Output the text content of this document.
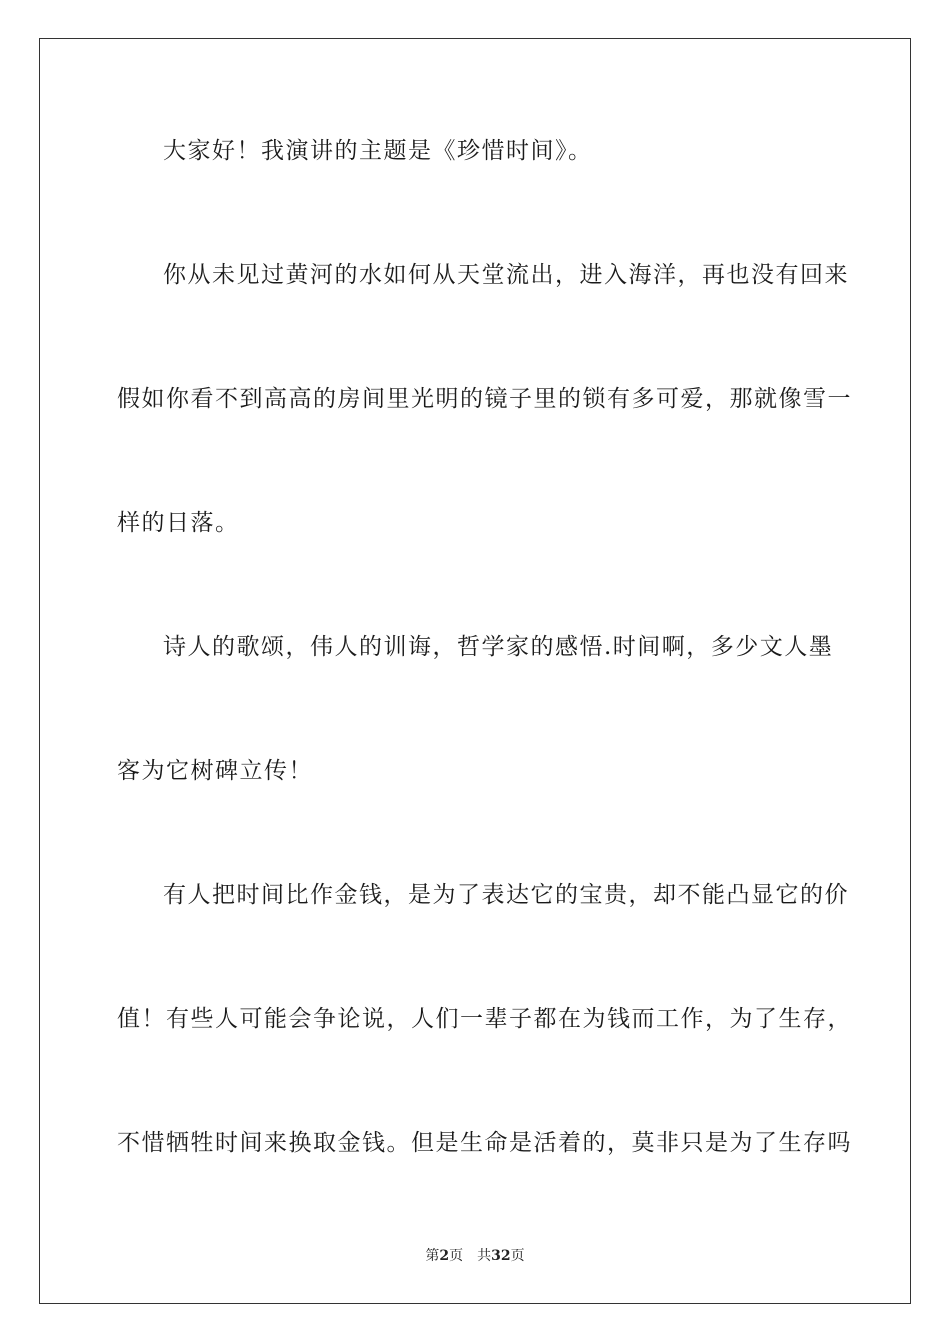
大家好！我演讲的主题是《珍惜时间》。
你从未见过黄河的水如何从天堂流出，进入海洋，再也没有回来
假如你看不到高高的房间里光明的镜子里的锁有多可爱，那就像雪一
样的日落。
诗人的歌颂，伟人的训诲，哲学家的感悟.时间啊，多少文人墨
客为它树碑立传！
有人把时间比作金钱，是为了表达它的宝贵，却不能凸显它的价
值！有些人可能会争论说，人们一辈子都在为钱而工作，为了生存，
不惜牺牲时间来换取金钱。但是生命是活着的，莫非只是为了生存吗
第2页 共32页
